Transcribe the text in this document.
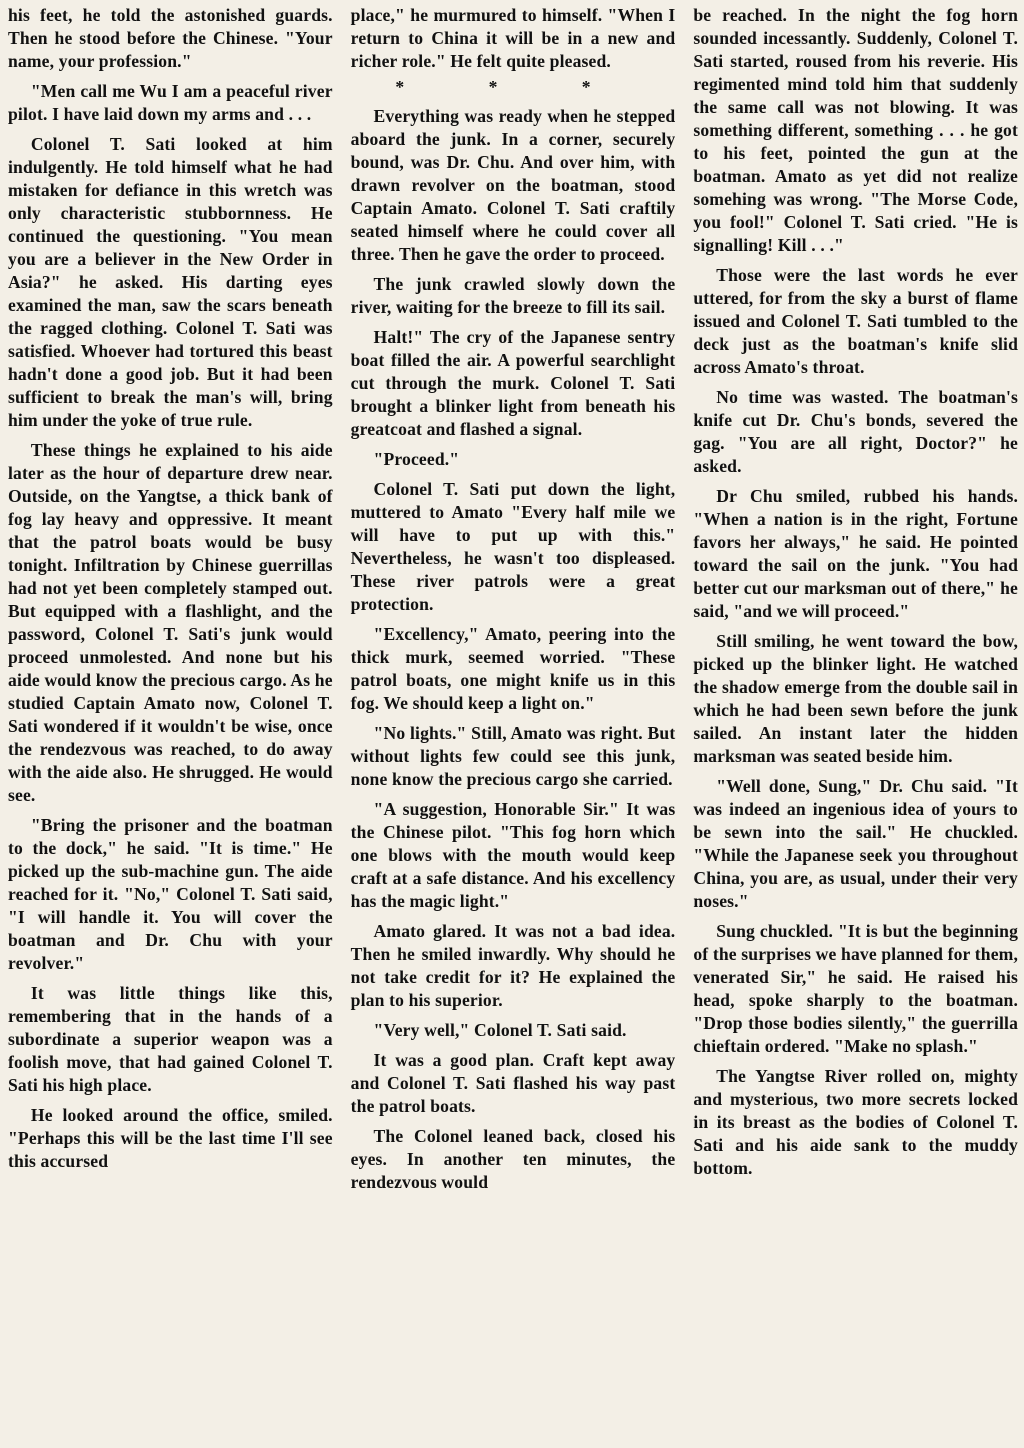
his feet, he told the astonished guards. Then he stood before the Chinese. "Your name, your profession."

"Men call me Wu I am a peaceful river pilot. I have laid down my arms and . . .

Colonel T. Sati looked at him indulgently. He told himself what he had mistaken for defiance in this wretch was only characteristic stubbornness. He continued the questioning. "You mean you are a believer in the New Order in Asia?" he asked. His darting eyes examined the man, saw the scars beneath the ragged clothing. Colonel T. Sati was satisfied. Whoever had tortured this beast hadn't done a good job. But it had been sufficient to break the man's will, bring him under the yoke of true rule.

These things he explained to his aide later as the hour of departure drew near. Outside, on the Yangtse, a thick bank of fog lay heavy and oppressive. It meant that the patrol boats would be busy tonight. Infiltration by Chinese guerrillas had not yet been completely stamped out. But equipped with a flashlight, and the password, Colonel T. Sati's junk would proceed unmolested. And none but his aide would know the precious cargo. As he studied Captain Amato now, Colonel T. Sati wondered if it wouldn't be wise, once the rendezvous was reached, to do away with the aide also. He shrugged. He would see.

"Bring the prisoner and the boatman to the dock," he said. "It is time." He picked up the sub-machine gun. The aide reached for it. "No," Colonel T. Sati said, "I will handle it. You will cover the boatman and Dr. Chu with your revolver."

It was little things like this, remembering that in the hands of a subordinate a superior weapon was a foolish move, that had gained Colonel T. Sati his high place.

He looked around the office, smiled. "Perhaps this will be the last time I'll see this accursed

place," he murmured to himself. "When I return to China it will be in a new and richer role." He felt quite pleased.

* * *

Everything was ready when he stepped aboard the junk. In a corner, securely bound, was Dr. Chu. And over him, with drawn revolver on the boatman, stood Captain Amato. Colonel T. Sati craftily seated himself where he could cover all three. Then he gave the order to proceed.

The junk crawled slowly down the river, waiting for the breeze to fill its sail.

Halt!" The cry of the Japanese sentry boat filled the air. A powerful searchlight cut through the murk. Colonel T. Sati brought a blinker light from beneath his greatcoat and flashed a signal.

"Proceed."

Colonel T. Sati put down the light, muttered to Amato "Every half mile we will have to put up with this." Nevertheless, he wasn't too displeased. These river patrols were a great protection.

"Excellency," Amato, peering into the thick murk, seemed worried. "These patrol boats, one might knife us in this fog. We should keep a light on."

"No lights." Still, Amato was right. But without lights few could see this junk, none know the precious cargo she carried.

"A suggestion, Honorable Sir." It was the Chinese pilot. "This fog horn which one blows with the mouth would keep craft at a safe distance. And his excellency has the magic light."

Amato glared. It was not a bad idea. Then he smiled inwardly. Why should he not take credit for it? He explained the plan to his superior.

"Very well," Colonel T. Sati said.

It was a good plan. Craft kept away and Colonel T. Sati flashed his way past the patrol boats.

The Colonel leaned back, closed his eyes. In another ten minutes, the rendezvous would

be reached. In the night the fog horn sounded incessantly. Suddenly, Colonel T. Sati started, roused from his reverie. His regimented mind told him that suddenly the same call was not blowing. It was something different, something . . . he got to his feet, pointed the gun at the boatman. Amato as yet did not realize somehing was wrong. "The Morse Code, you fool!" Colonel T. Sati cried. "He is signalling! Kill . . ."

Those were the last words he ever uttered, for from the sky a burst of flame issued and Colonel T. Sati tumbled to the deck just as the boatman's knife slid across Amato's throat.

No time was wasted. The boatman's knife cut Dr. Chu's bonds, severed the gag. "You are all right, Doctor?" he asked.

Dr Chu smiled, rubbed his hands. "When a nation is in the right, Fortune favors her always," he said. He pointed toward the sail on the junk. "You had better cut our marksman out of there," he said, "and we will proceed."

Still smiling, he went toward the bow, picked up the blinker light. He watched the shadow emerge from the double sail in which he had been sewn before the junk sailed. An instant later the hidden marksman was seated beside him.

"Well done, Sung," Dr. Chu said. "It was indeed an ingenious idea of yours to be sewn into the sail." He chuckled. "While the Japanese seek you throughout China, you are, as usual, under their very noses."

Sung chuckled. "It is but the beginning of the surprises we have planned for them, venerated Sir," he said. He raised his head, spoke sharply to the boatman. "Drop those bodies silently," the guerrilla chieftain ordered. "Make no splash."

The Yangtse River rolled on, mighty and mysterious, two more secrets locked in its breast as the bodies of Colonel T. Sati and his aide sank to the muddy bottom.
